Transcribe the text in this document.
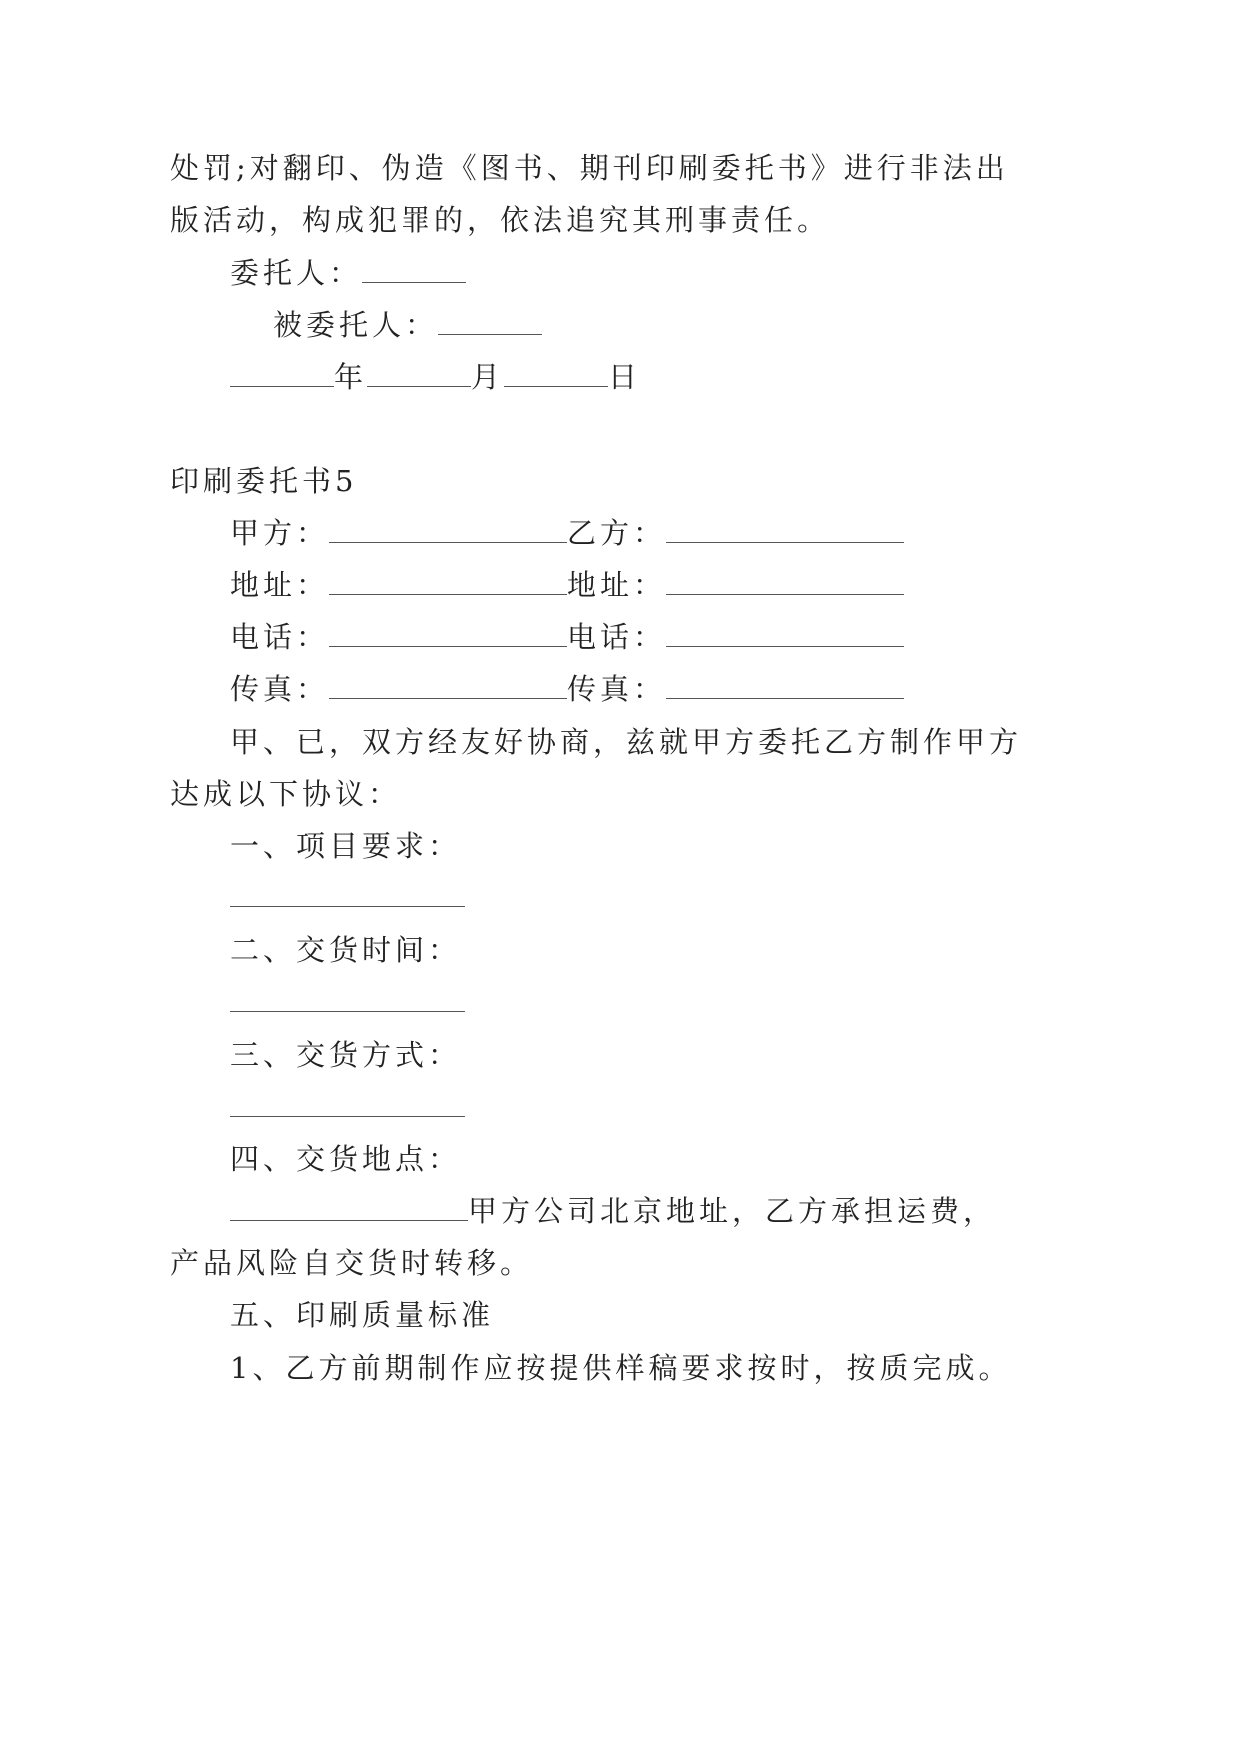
处罚;对翻印、伪造《图书、期刊印刷委托书》进行非法出
版活动，构成犯罪的，依法追究其刑事责任。
委托人：
被委托人：
年	月	日
印刷委托书5
甲方：	乙方：
地址：	地址：
电话：	电话：
传真：	传真：
甲、已，双方经友好协商，兹就甲方委托乙方制作甲方
达成以下协议：
一、项目要求：
二、交货时间：
三、交货方式：
四、交货地点：
甲方公司北京地址，乙方承担运费，
产品风险自交货时转移。
五、印刷质量标准
1、乙方前期制作应按提供样稿要求按时，按质完成。
